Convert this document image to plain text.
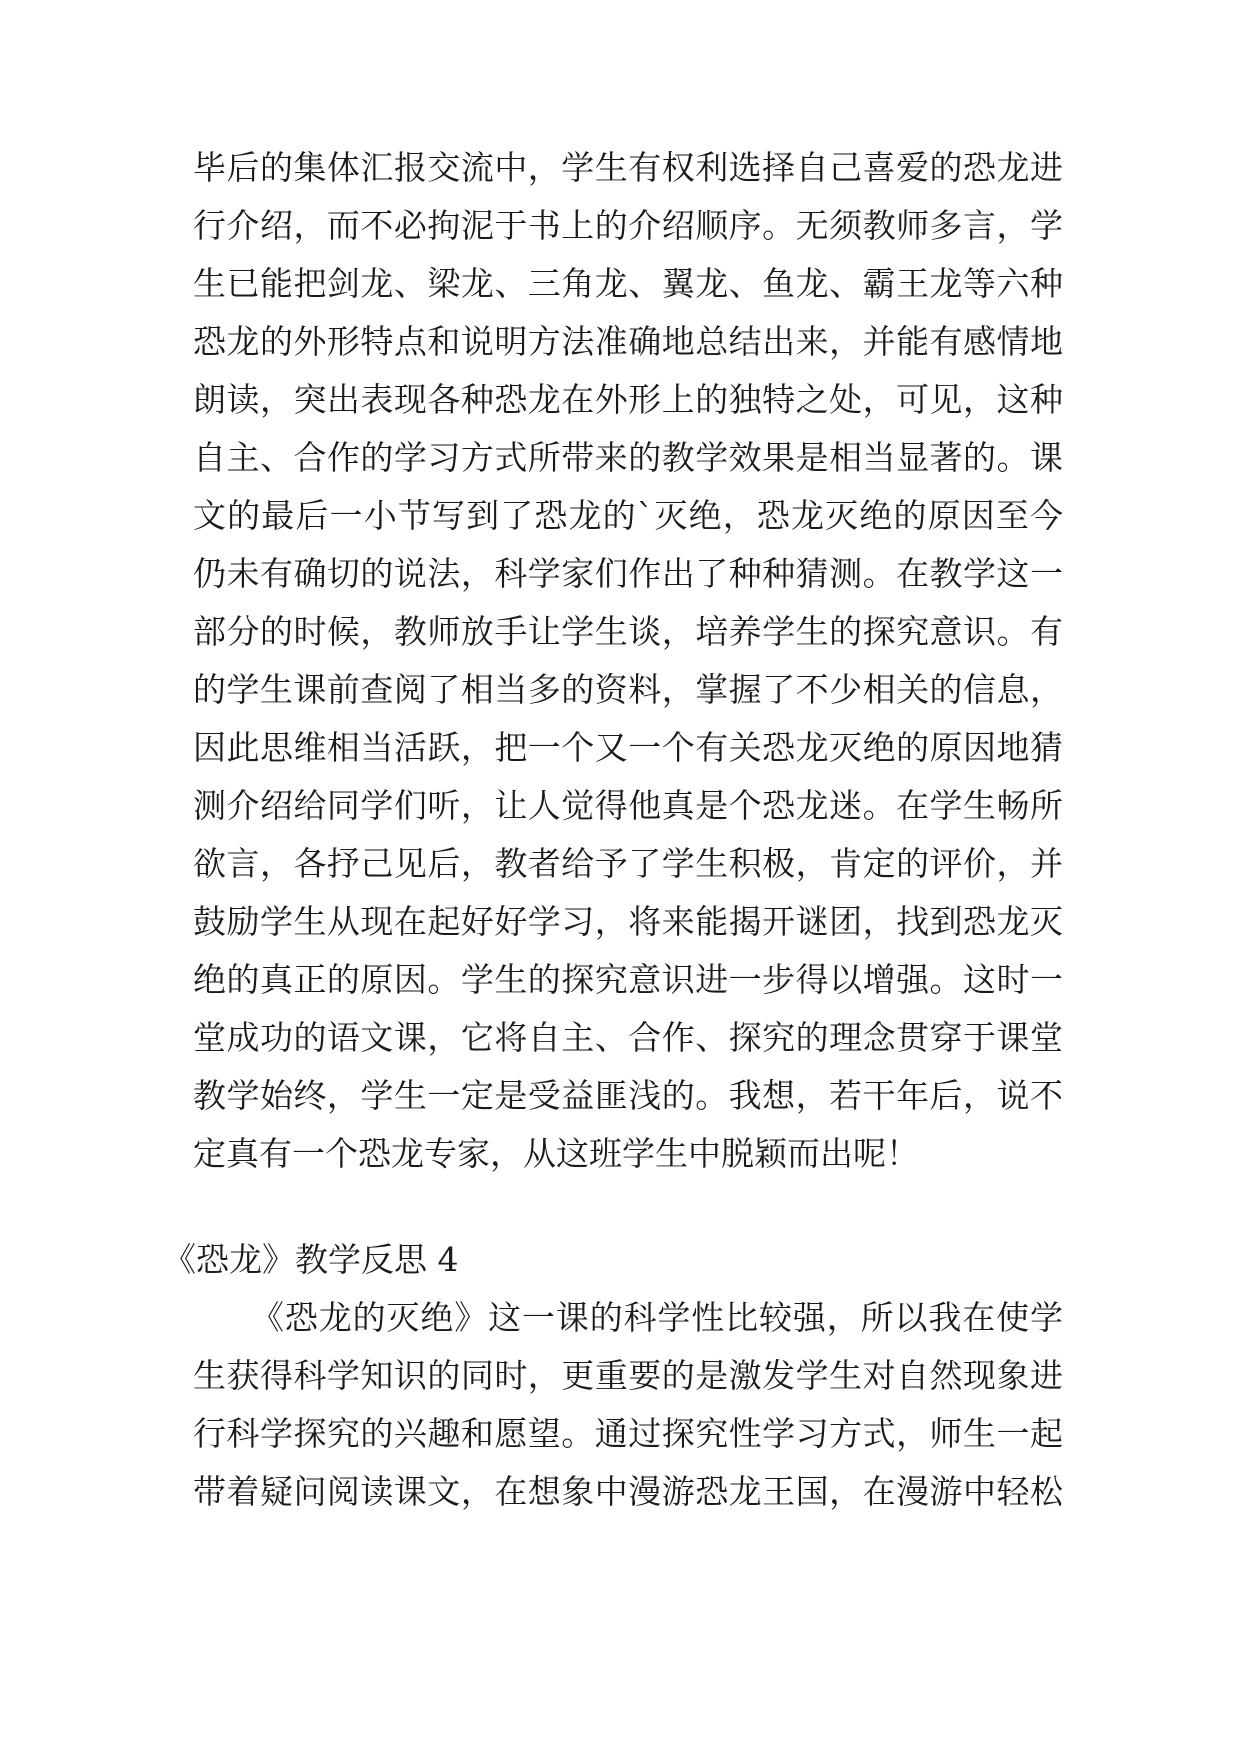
毕后的集体汇报交流中，学生有权利选择自己喜爱的恐龙进
行介绍，而不必拘泥于书上的介绍顺序。无须教师多言，学
生已能把剑龙、梁龙、三角龙、翼龙、鱼龙、霸王龙等六种
恐龙的外形特点和说明方法准确地总结出来，并能有感情地
朗读，突出表现各种恐龙在外形上的独特之处，可见，这种
自主、合作的学习方式所带来的教学效果是相当显著的。课
文的最后一小节写到了恐龙的`灭绝，恐龙灭绝的原因至今
仍未有确切的说法，科学家们作出了种种猜测。在教学这一
部分的时候，教师放手让学生谈，培养学生的探究意识。有
的学生课前查阅了相当多的资料，掌握了不少相关的信息，
因此思维相当活跃，把一个又一个有关恐龙灭绝的原因地猜
测介绍给同学们听，让人觉得他真是个恐龙迷。在学生畅所
欲言，各抒己见后，教者给予了学生积极，肯定的评价，并
鼓励学生从现在起好好学习，将来能揭开谜团，找到恐龙灭
绝的真正的原因。学生的探究意识进一步得以增强。这时一
堂成功的语文课，它将自主、合作、探究的理念贯穿于课堂
教学始终，学生一定是受益匪浅的。我想，若干年后，说不
定真有一个恐龙专家，从这班学生中脱颖而出呢！
《恐龙》教学反思 4
《恐龙的灭绝》这一课的科学性比较强，所以我在使学
生获得科学知识的同时，更重要的是激发学生对自然现象进
行科学探究的兴趣和愿望。通过探究性学习方式，师生一起
带着疑问阅读课文，在想象中漫游恐龙王国，在漫游中轻松
